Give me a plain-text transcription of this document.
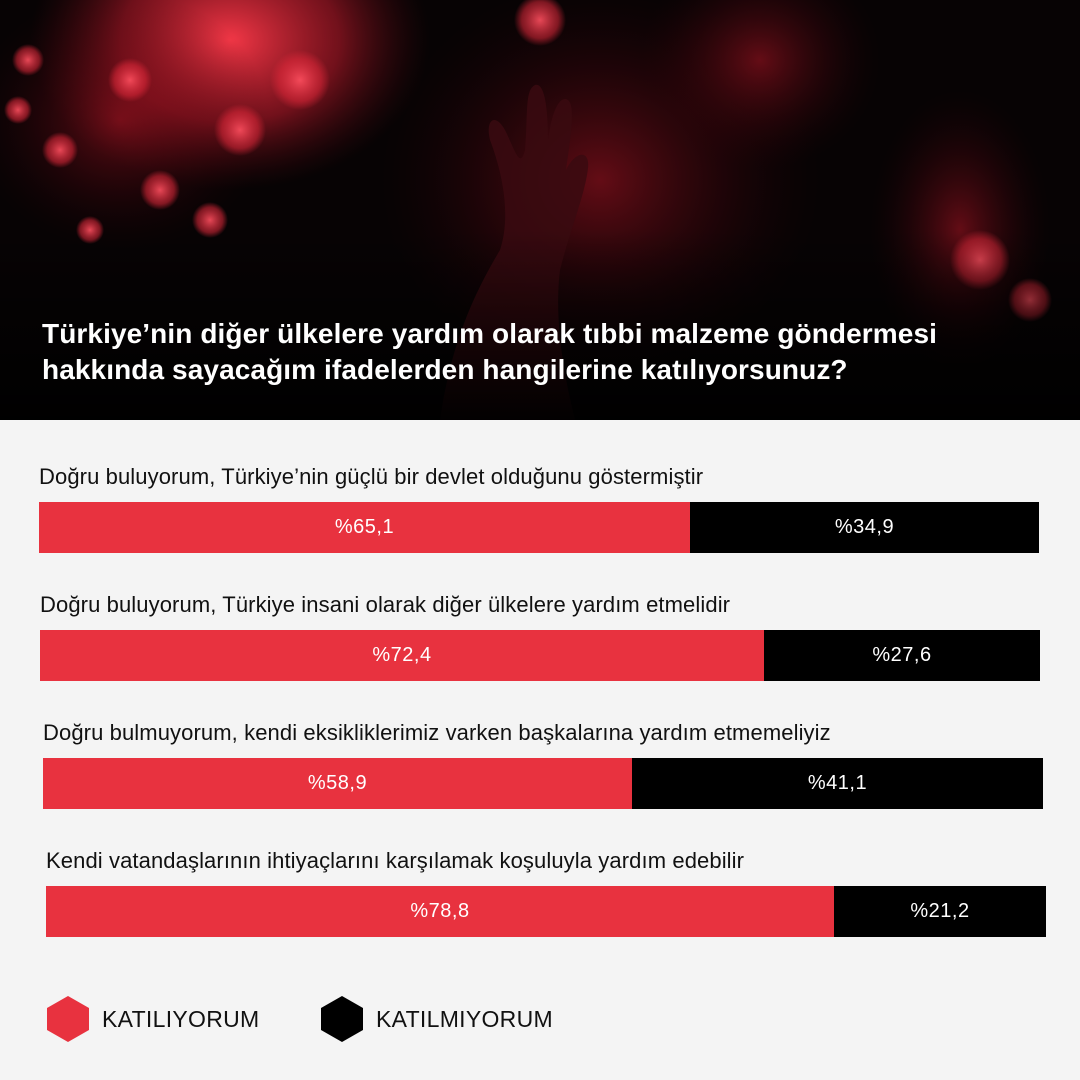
Türkiye’nin diğer ülkelere yardım olarak tıbbi malzeme göndermesi
hakkında sayacağım ifadelerden hangilerine katılıyorsunuz?
Doğru buluyorum, Türkiye’nin güçlü bir devlet olduğunu göstermiştir
%65,1	%34,9
Doğru buluyorum, Türkiye insani olarak diğer ülkelere yardım etmelidir
%72,4	%27,6
Doğru bulmuyorum, kendi eksikliklerimiz varken başkalarına yardım etmemeliyiz
%58,9	%41,1
Kendi vatandaşlarının ihtiyaçlarını karşılamak koşuluyla yardım edebilir
%78,8	%21,2
KATILIYORUM	KATILMIYORUM
